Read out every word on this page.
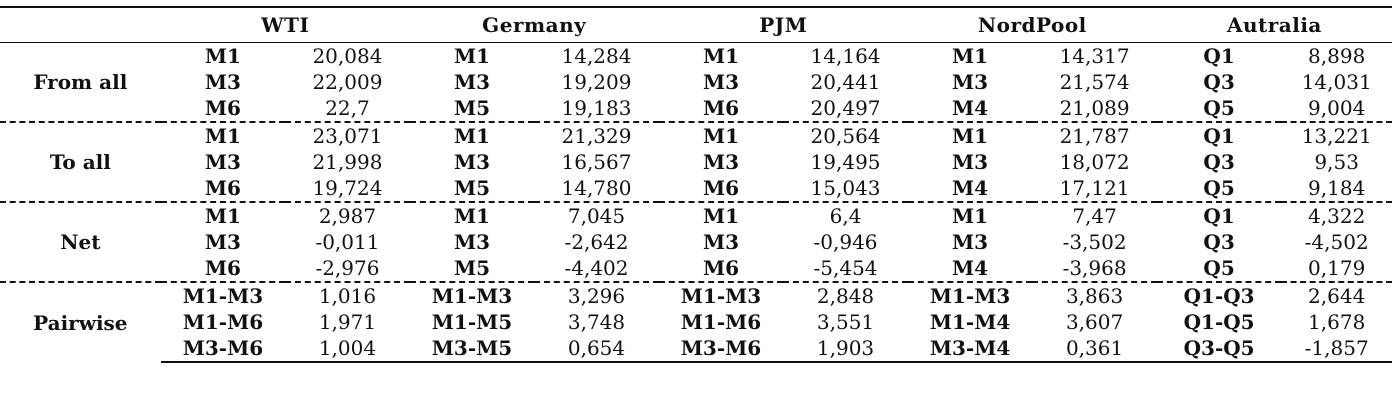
	WTI		Germany		PJM		NordPool		Autralia	
From all	M1	20,084	M1	14,284	M1	14,164	M1	14,317	Q1	8,898
	M3	22,009	M3	19,209	M3	20,441	M3	21,574	Q3	14,031
	M6	22,7	M5	19,183	M6	20,497	M4	21,089	Q5	9,004
To all	M1	23,071	M1	21,329	M1	20,564	M1	21,787	Q1	13,221
	M3	21,998	M3	16,567	M3	19,495	M3	18,072	Q3	9,53
	M6	19,724	M5	14,780	M6	15,043	M4	17,121	Q5	9,184
Net	M1	2,987	M1	7,045	M1	6,4	M1	7,47	Q1	4,322
	M3	-0,011	M3	-2,642	M3	-0,946	M3	-3,502	Q3	-4,502
	M6	-2,976	M5	-4,402	M6	-5,454	M4	-3,968	Q5	0,179
Pairwise	M1-M3	1,016	M1-M3	3,296	M1-M3	2,848	M1-M3	3,863	Q1-Q3	2,644
	M1-M6	1,971	M1-M5	3,748	M1-M6	3,551	M1-M4	3,607	Q1-Q5	1,678
	M3-M6	1,004	M3-M5	0,654	M3-M6	1,903	M3-M4	0,361	Q3-Q5	-1,857
